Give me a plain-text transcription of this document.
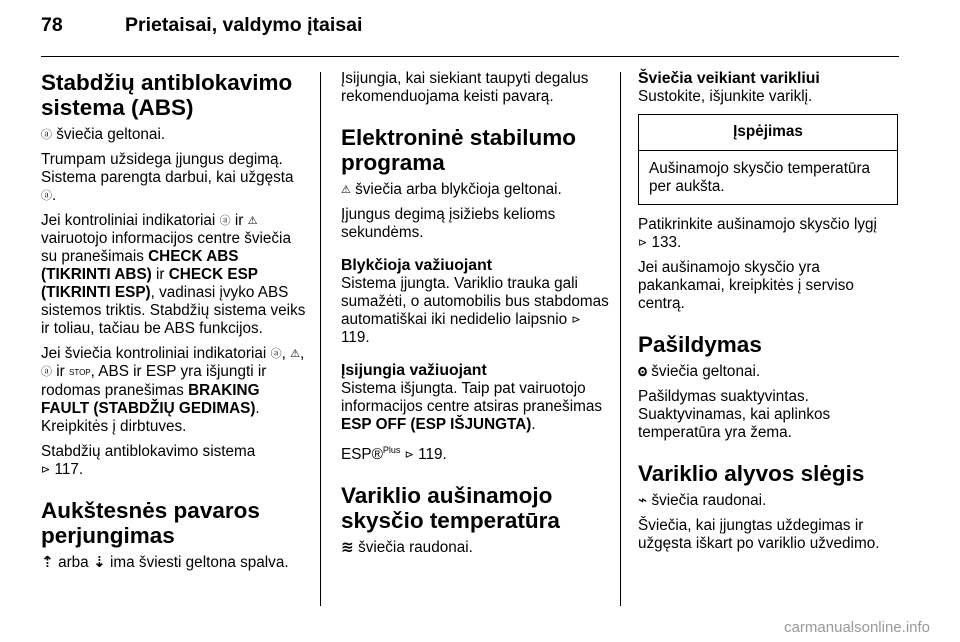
78	Prietaisai, valdymo įtaisai
Stabdžių antiblokavimo sistema (ABS)

ⓐ šviečia geltonai.

Trumpam užsidega įjungus degimą. Sistema parengta darbui, kai užgęsta
ⓐ.

Jei kontroliniai indikatoriai ⓐ ir ⚠ vairuotojo informacijos centre šviečia su pranešimais CHECK ABS (TIKRINTI ABS) ir CHECK ESP (TIKRINTI ESP), vadinasi įvyko ABS sistemos triktis. Stabdžių sistema veiks ir toliau, tačiau be ABS funkcijos.

Jei šviečia kontroliniai indikatoriai ⓐ, ⚠, ⓐ ir STOP, ABS ir ESP yra išjungti ir rodomas pranešimas BRAKING FAULT (STABDŽIŲ GEDIMAS).
Kreipkitės į dirbtuves.

Stabdžių antiblokavimo sistema
⊳ 117.

Aukštesnės pavaros perjungimas

⇡ arba ⇣ ima šviesti geltona spalva.

Įsijungia, kai siekiant taupyti degalus rekomenduojama keisti pavarą.

Elektroninė stabilumo programa

⚠ šviečia arba blykčioja geltonai.

Įjungus degimą įsižiebs kelioms sekundėms.

Blykčioja važiuojant

Sistema įjungta. Variklio trauka gali sumažėti, o automobilis bus stabdomas automatiškai iki nedidelio laipsnio ⊳ 119.

Įsijungia važiuojant

Sistema išjungta. Taip pat vairuotojo informacijos centre atsiras pranešimas ESP OFF (ESP IŠJUNGTA).

ESP®$^{Plus}$ ⊳ 119.

Variklio aušinamojo skysčio temperatūra

≋ šviečia raudonai.

Šviečia veikiant varikliui

Sustokite, išjunkite variklį.

Įspėjimas
Aušinamojo skysčio temperatūra per aukšta.

Patikrinkite aušinamojo skysčio lygį
⊳ 133.

Jei aušinamojo skysčio yra pakankamai, kreipkitės į serviso centrą.

Pašildymas

𐍈 šviečia geltonai.

Pašildymas suaktyvintas. Suaktyvinamas, kai aplinkos temperatūra yra žema.

Variklio alyvos slėgis

⌁ šviečia raudonai.

Šviečia, kai įjungtas uždegimas ir užgęsta iškart po variklio užvedimo.

carmanualsonline.info
